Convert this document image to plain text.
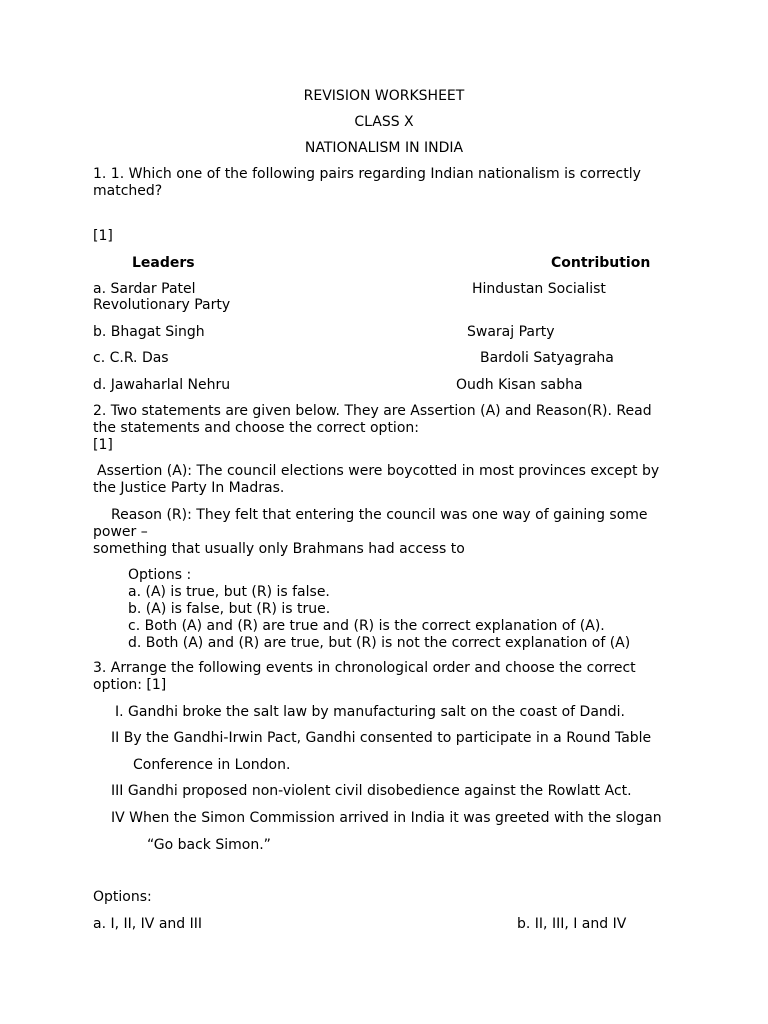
REVISION WORKSHEET
CLASS X
NATIONALISM IN INDIA
1. 1. Which one of the following pairs regarding Indian nationalism is correctly matched?
[1]
Leaders	Contribution
a. Sardar Patel	Hindustan Socialist
Revolutionary Party
b. Bhagat Singh	Swaraj Party
c. C.R. Das	Bardoli Satyagraha
d. Jawaharlal Nehru	Oudh Kisan sabha
2. Two statements are given below. They are Assertion (A) and Reason(R). Read the statements and choose the correct option:
[1]
Assertion (A): The council elections were boycotted in most provinces except by the Justice Party In Madras.
Reason (R): They felt that entering the council was one way of gaining some
power –
something that usually only Brahmans had access to
Options :
a. (A) is true, but (R) is false.
b. (A) is false, but (R) is true.
c. Both (A) and (R) are true and (R) is the correct explanation of (A).
d. Both (A) and (R) are true, but (R) is not the correct explanation of (A)
3. Arrange the following events in chronological order and choose the correct
option: [1]
I. Gandhi broke the salt law by manufacturing salt on the coast of Dandi.
II By the Gandhi-Irwin Pact, Gandhi consented to participate in a Round Table
Conference in London.
III Gandhi proposed non-violent civil disobedience against the Rowlatt Act.
IV When the Simon Commission arrived in India it was greeted with the slogan
“Go back Simon.”
Options:
a. I, II, IV and III	b. II, III, I and IV
